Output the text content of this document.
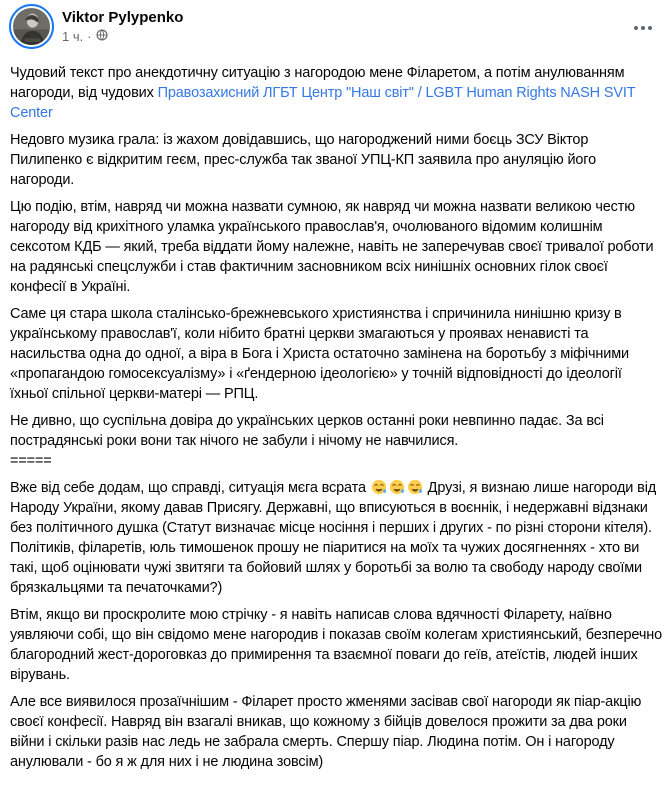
Viktor Pylypenko
1 ч. ·

Чудовий текст про анекдотичну ситуацію з нагородою мене Філаретом, а потім анулюванням нагороди, від чудових Правозахисний ЛГБТ Центр "Наш світ" / LGBT Human Rights NASH SVIT Center

Недовго музика грала: із жахом довідавшись, що нагороджений ними боєць ЗСУ Віктор Пилипенко є відкритим геєм, прес-служба так званої УПЦ-КП заявила про ануляцію його нагороди.

Цю подію, втім, навряд чи можна назвати сумною, як навряд чи можна назвати великою честю нагороду від крихітного уламка українського православ'я, очолюваного відомим колишнім сексотом КДБ — який, треба віддати йому належне, навіть не заперечував своєї тривалої роботи на радянські спецслужби і став фактичним засновником всіх нинішніх основних гілок своєї конфесії в Україні.

Саме ця стара школа сталінсько-брежневського християнства і спричинила нинішню кризу в українському православ'ї, коли нібито братні церкви змагаються у проявах ненависті та насильства одна до одної, а віра в Бога і Христа остаточно замінена на боротьбу з міфічними «пропагандою гомосексуалізму» і «ґендерною ідеологією» у точній відповідності до ідеології їхньої спільної церкви-матері — РПЦ.

Не дивно, що суспільна довіра до українських церков останні роки невпинно падає. За всі пострадянські роки вони так нічого не забули і нічому не навчилися.
=====

Вже від себе додам, що справді, ситуація мєга всрата	Друзі, я визнаю лише нагороди від Народу України, якому давав Присягу. Державні, що вписуються в воєннік, і недержавні відзнаки без політичного душка (Статут визначає місце носіння і перших і других - по різні сторони кітеля).
Політиків, філаретів, юль тимошенок прошу не піаритися на моїх та чужих досягненнях - хто ви такі, щоб оцінювати чужі звитяги та бойовий шлях у боротьбі за волю та свободу народу своїми брязкальцями та печаточками?)

Втім, якщо ви проскролите мою стрічку - я навіть написав слова вдячності Філарету, наївно уявляючи собі, що він свідомо мене нагородив і показав своїм колегам християнський, безперечно благородний жест-дороговказ до примирення та взаємної поваги до геїв, атеїстів, людей інших вірувань.

Але все виявилося прозаїчнішим - Філарет просто жменями засівав свої нагороди як піар-акцію своєї конфесії. Навряд він взагалі вникав, що кожному з бійців довелося прожити за два роки війни і скільки разів нас ледь не забрала смерть. Спершу піар. Людина потім. Он і нагороду анулювали - бо я ж для них і не людина зовсім)
